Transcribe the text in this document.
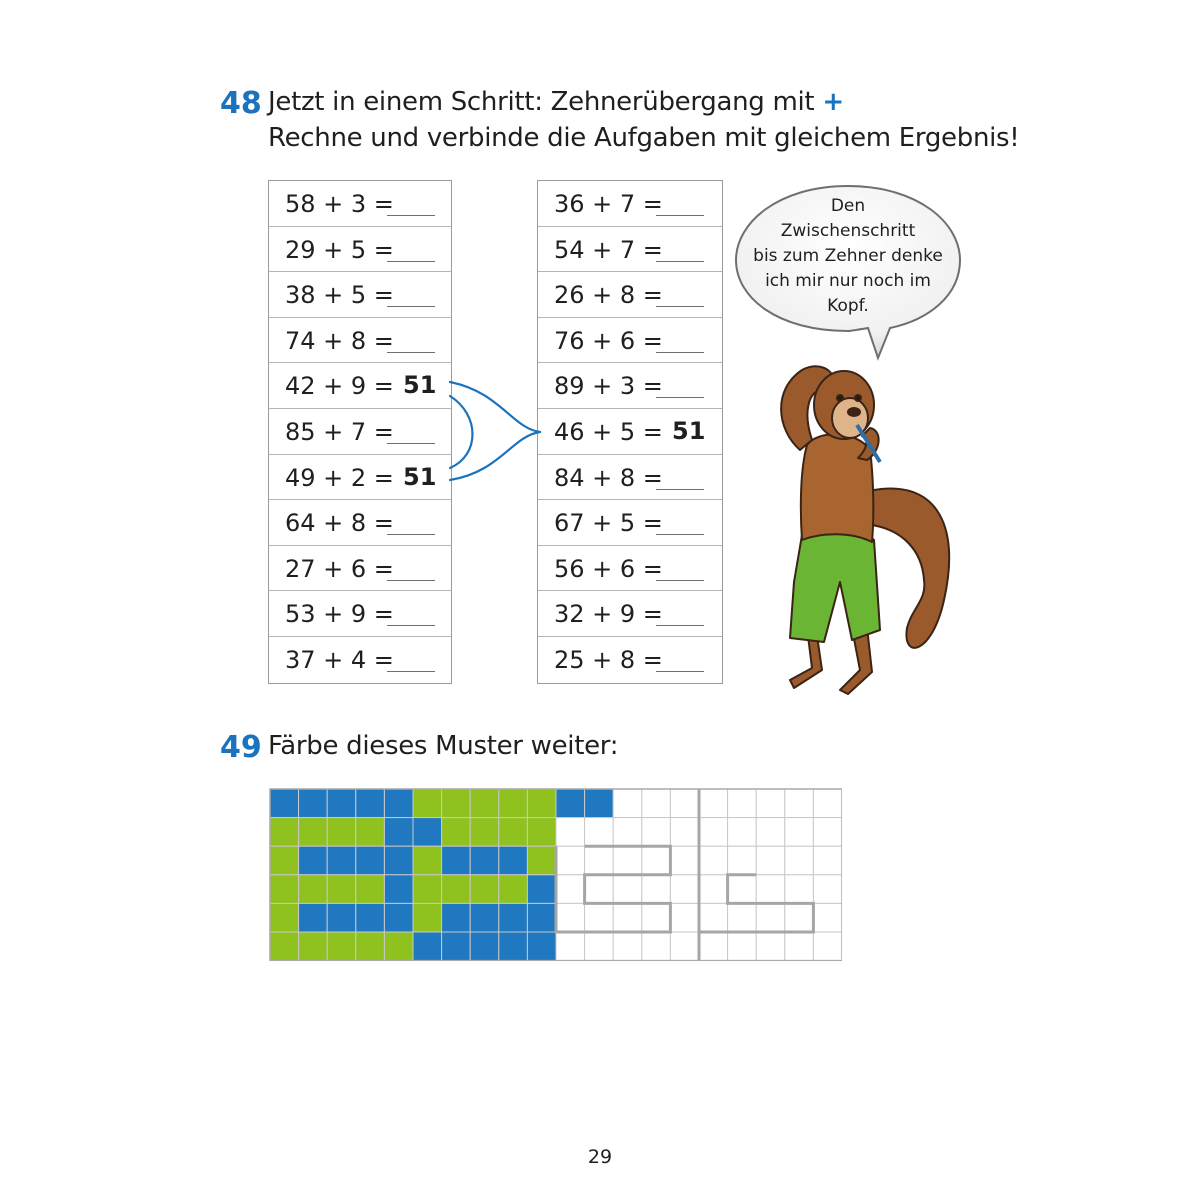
48 Jetzt in einem Schritt: Zehnerübergang mit +
Rechne und verbinde die Aufgaben mit gleichem Ergebnis!
58 + 3 =
29 + 5 =
38 + 5 =
74 + 8 =
42 + 9 = 51
85 + 7 =
49 + 2 = 51
64 + 8 =
27 + 6 =
53 + 9 =
37 + 4 =
36 + 7 =
54 + 7 =
26 + 8 =
76 + 6 =
89 + 3 =
46 + 5 = 51
84 + 8 =
67 + 5 =
56 + 6 =
32 + 9 =
25 + 8 =
Den
Zwischenschritt
bis zum Zehner denke
ich mir nur noch im
Kopf.
49 Färbe dieses Muster weiter:
29
